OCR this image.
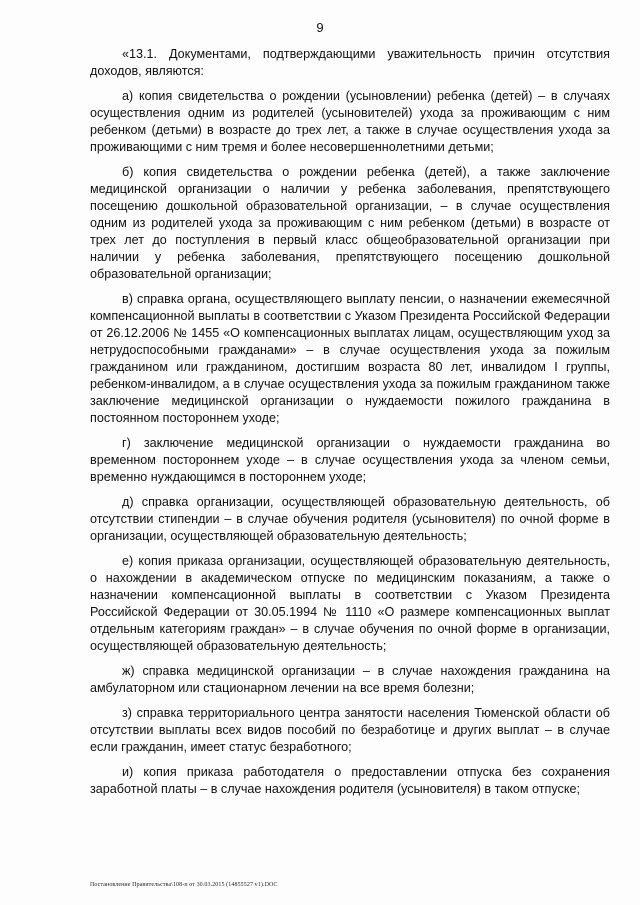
9

«13.1. Документами, подтверждающими уважительность причин отсутствия доходов, являются:

а) копия свидетельства о рождении (усыновлении) ребенка (детей) – в случаях осуществления одним из родителей (усыновителей) ухода за проживающим с ним ребенком (детьми) в возрасте до трех лет, а также в случае осуществления ухода за проживающими с ним тремя и более несовершеннолетними детьми;

б) копия свидетельства о рождении ребенка (детей), а также заключение медицинской организации о наличии у ребенка заболевания, препятствующего посещению дошкольной образовательной организации, – в случае осуществления одним из родителей ухода за проживающим с ним ребенком (детьми) в возрасте от трех лет до поступления в первый класс общеобразовательной организации при наличии у ребенка заболевания, препятствующего посещению дошкольной образовательной организации;

в) справка органа, осуществляющего выплату пенсии, о назначении ежемесячной компенсационной выплаты в соответствии с Указом Президента Российской Федерации от 26.12.2006 № 1455 «О компенсационных выплатах лицам, осуществляющим уход за нетрудоспособными гражданами» – в случае осуществления ухода за пожилым гражданином или гражданином, достигшим возраста 80 лет, инвалидом I группы, ребенком-инвалидом, а в случае осуществления ухода за пожилым гражданином также заключение медицинской организации о нуждаемости пожилого гражданина в постоянном постороннем уходе;

г) заключение медицинской организации о нуждаемости гражданина во временном постороннем уходе – в случае осуществления ухода за членом семьи, временно нуждающимся в постороннем уходе;

д) справка организации, осуществляющей образовательную деятельность, об отсутствии стипендии – в случае обучения родителя (усыновителя) по очной форме в организации, осуществляющей образовательную деятельность;

е) копия приказа организации, осуществляющей образовательную деятельность, о нахождении в академическом отпуске по медицинским показаниям, а также о назначении компенсационной выплаты в соответствии с Указом Президента Российской Федерации от 30.05.1994 № 1110 «О размере компенсационных выплат отдельным категориям граждан» – в случае обучения по очной форме в организации, осуществляющей образовательную деятельность;

ж) справка медицинской организации – в случае нахождения гражданина на амбулаторном или стационарном лечении на все время болезни;

з) справка территориального центра занятости населения Тюменской области об отсутствии выплаты всех видов пособий по безработице и других выплат – в случае если гражданин, имеет статус безработного;

и) копия приказа работодателя о предоставлении отпуска без сохранения заработной платы – в случае нахождения родителя (усыновителя) в таком отпуске;

Постановление Правительства\108-п от 30.03.2015 (14855527 v1).DOC
